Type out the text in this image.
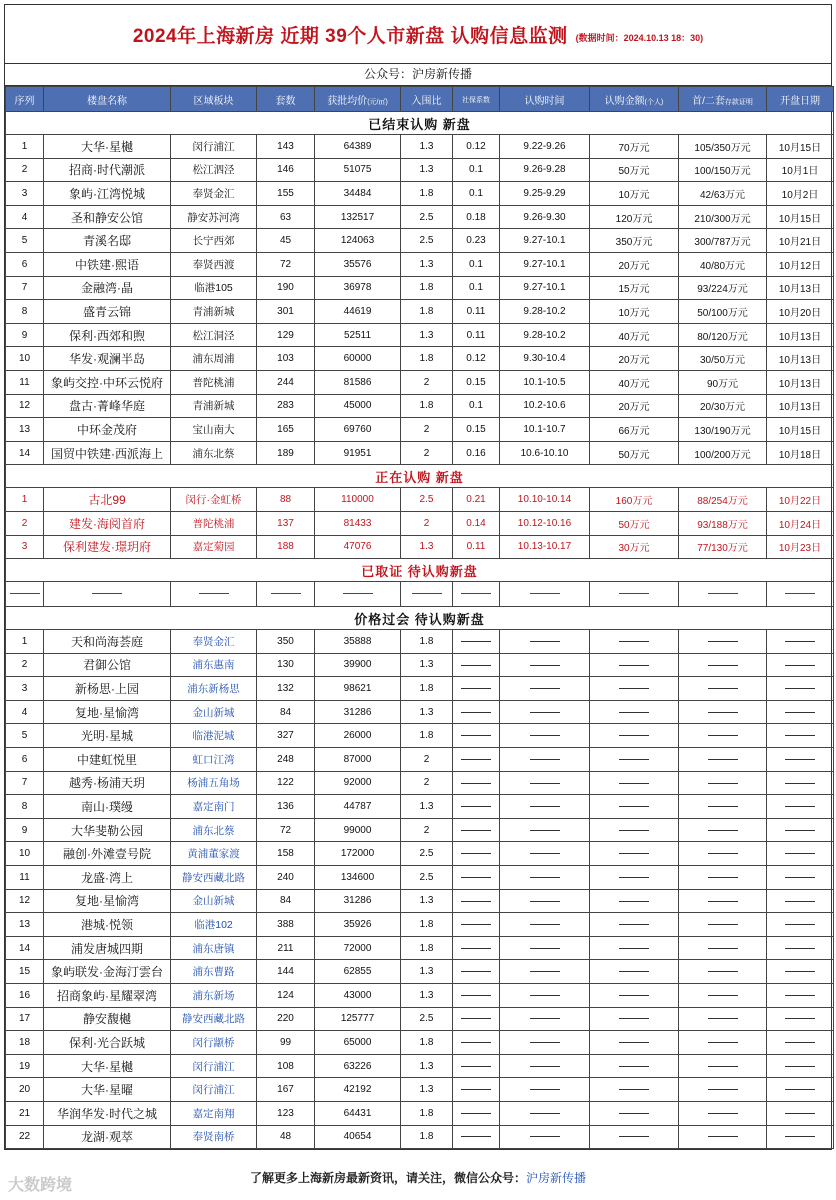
2024年上海新房 近期 39个人市新盘 认购信息监测 (数据时间：2024.10.13 18：30)
公众号：沪房新传播
序列	楼盘名称	区域板块	套数	获批均价(元/㎡)	入围比	社保系数	认购时间	认购金额(个人)	首/二套存款证明	开盘日期
已结束认购 新盘										
1	大华·星樾	闵行浦江	143	64389	1.3	0.12	9.22-9.26	70万元	105/350万元	10月15日
2	招商·时代潮派	松江泗泾	146	51075	1.3	0.1	9.26-9.28	50万元	100/150万元	10月1日
3	象屿·江湾悦城	奉贤金汇	155	34484	1.8	0.1	9.25-9.29	10万元	42/63万元	10月2日
4	圣和静安公馆	静安苏河湾	63	132517	2.5	0.18	9.26-9.30	120万元	210/300万元	10月15日
5	青溪名邸	长宁西郊	45	124063	2.5	0.23	9.27-10.1	350万元	300/787万元	10月21日
6	中铁建·熙语	奉贤西渡	72	35576	1.3	0.1	9.27-10.1	20万元	40/80万元	10月12日
7	金融湾·晶	临港105	190	36978	1.8	0.1	9.27-10.1	15万元	93/224万元	10月13日
8	盛青云锦	青浦新城	301	44619	1.8	0.11	9.28-10.2	10万元	50/100万元	10月20日
9	保利·西郊和煦	松江洞泾	129	52511	1.3	0.11	9.28-10.2	40万元	80/120万元	10月13日
10	华发·观澜半岛	浦东周浦	103	60000	1.8	0.12	9.30-10.4	20万元	30/50万元	10月13日
11	象屿交控·中环云悦府	普陀桃浦	244	81586	2	0.15	10.1-10.5	40万元	90万元	10月13日
12	盘古·菁峰华庭	青浦新城	283	45000	1.8	0.1	10.2-10.6	20万元	20/30万元	10月13日
13	中环金茂府	宝山南大	165	69760	2	0.15	10.1-10.7	66万元	130/190万元	10月15日
14	国贸中铁建·西派海上	浦东北蔡	189	91951	2	0.16	10.6-10.10	50万元	100/200万元	10月18日
正在认购 新盘										
1	古北99	闵行·金虹桥	88	110000	2.5	0.21	10.10-10.14	160万元	88/254万元	10月22日
2	建发·海阅首府	普陀桃浦	137	81433	2	0.14	10.12-10.16	50万元	93/188万元	10月24日
3	保利建发·璟玥府	嘉定菊园	188	47076	1.3	0.11	10.13-10.17	30万元	77/130万元	10月23日
已取证 待认购新盘										

价格过会 待认购新盘										
1	天和尚海荟庭	奉贤金汇	350	35888	1.8					
2	君御公馆	浦东惠南	130	39900	1.3					
3	新杨思·上园	浦东新杨思	132	98621	1.8					
4	复地·星愉湾	金山新城	84	31286	1.3					
5	光明·星城	临港泥城	327	26000	1.8					
6	中建虹悦里	虹口江湾	248	87000	2					
7	越秀·杨浦天玥	杨浦五角场	122	92000	2					
8	南山·璞缦	嘉定南门	136	44787	1.3					
9	大华斐勒公园	浦东北蔡	72	99000	2					
10	融创·外滩壹号院	黄浦董家渡	158	172000	2.5					
11	龙盛·湾上	静安西藏北路	240	134600	2.5					
12	复地·星愉湾	金山新城	84	31286	1.3					
13	港城·悦领	临港102	388	35926	1.8					
14	浦发唐城四期	浦东唐镇	211	72000	1.8					
15	象屿联发·金海汀雲台	浦东曹路	144	62855	1.3					
16	招商象屿·星耀翠湾	浦东新场	124	43000	1.3					
17	静安馥樾	静安西藏北路	220	125777	2.5					
18	保利·光合跃城	闵行颛桥	99	65000	1.8					
19	大华·星樾	闵行浦江	108	63226	1.3					
20	大华·星曜	闵行浦江	167	42192	1.3					
21	华润华发·时代之城	嘉定南翔	123	64431	1.8					
22	龙湖·观萃	奉贤南桥	48	40654	1.8					
了解更多上海新房最新资讯，请关注，微信公众号：沪房新传播
大数跨境
